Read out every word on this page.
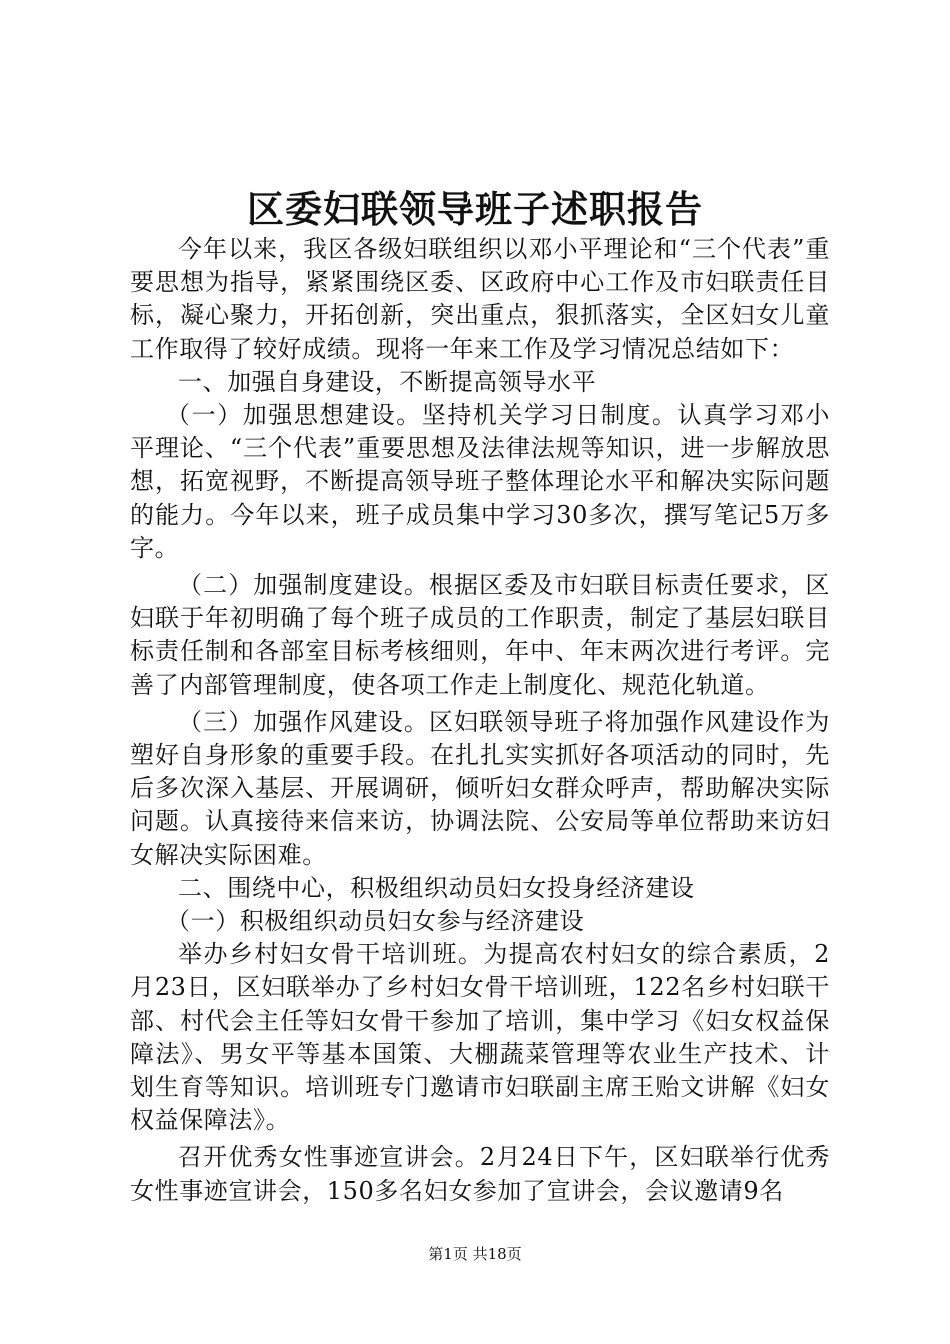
区委妇联领导班子述职报告

今年以来，我区各级妇联组织以邓小平理论和“三个代表”重要思想为指导，紧紧围绕区委、区政府中心工作及市妇联责任目标，凝心聚力，开拓创新，突出重点，狠抓落实，全区妇女儿童工作取得了较好成绩。现将一年来工作及学习情况总结如下：

一、加强自身建设，不断提高领导水平

（一）加强思想建设。坚持机关学习日制度。认真学习邓小平理论、“三个代表”重要思想及法律法规等知识，进一步解放思想，拓宽视野，不断提高领导班子整体理论水平和解决实际问题的能力。今年以来，班子成员集中学习30多次，撰写笔记5万多字。

（二）加强制度建设。根据区委及市妇联目标责任要求，区妇联于年初明确了每个班子成员的工作职责，制定了基层妇联目标责任制和各部室目标考核细则，年中、年末两次进行考评。完善了内部管理制度，使各项工作走上制度化、规范化轨道。

（三）加强作风建设。区妇联领导班子将加强作风建设作为塑好自身形象的重要手段。在扎扎实实抓好各项活动的同时，先后多次深入基层、开展调研，倾听妇女群众呼声，帮助解决实际问题。认真接待来信来访，协调法院、公安局等单位帮助来访妇女解决实际困难。

二、围绕中心，积极组织动员妇女投身经济建设

（一）积极组织动员妇女参与经济建设

举办乡村妇女骨干培训班。为提高农村妇女的综合素质，2月23日，区妇联举办了乡村妇女骨干培训班，122名乡村妇联干部、村代会主任等妇女骨干参加了培训，集中学习《妇女权益保障法》、男女平等基本国策、大棚蔬菜管理等农业生产技术、计划生育等知识。培训班专门邀请市妇联副主席王贻文讲解《妇女权益保障法》。

召开优秀女性事迹宣讲会。2月24日下午，区妇联举行优秀女性事迹宣讲会，150多名妇女参加了宣讲会，会议邀请9名

第1页 共18页
